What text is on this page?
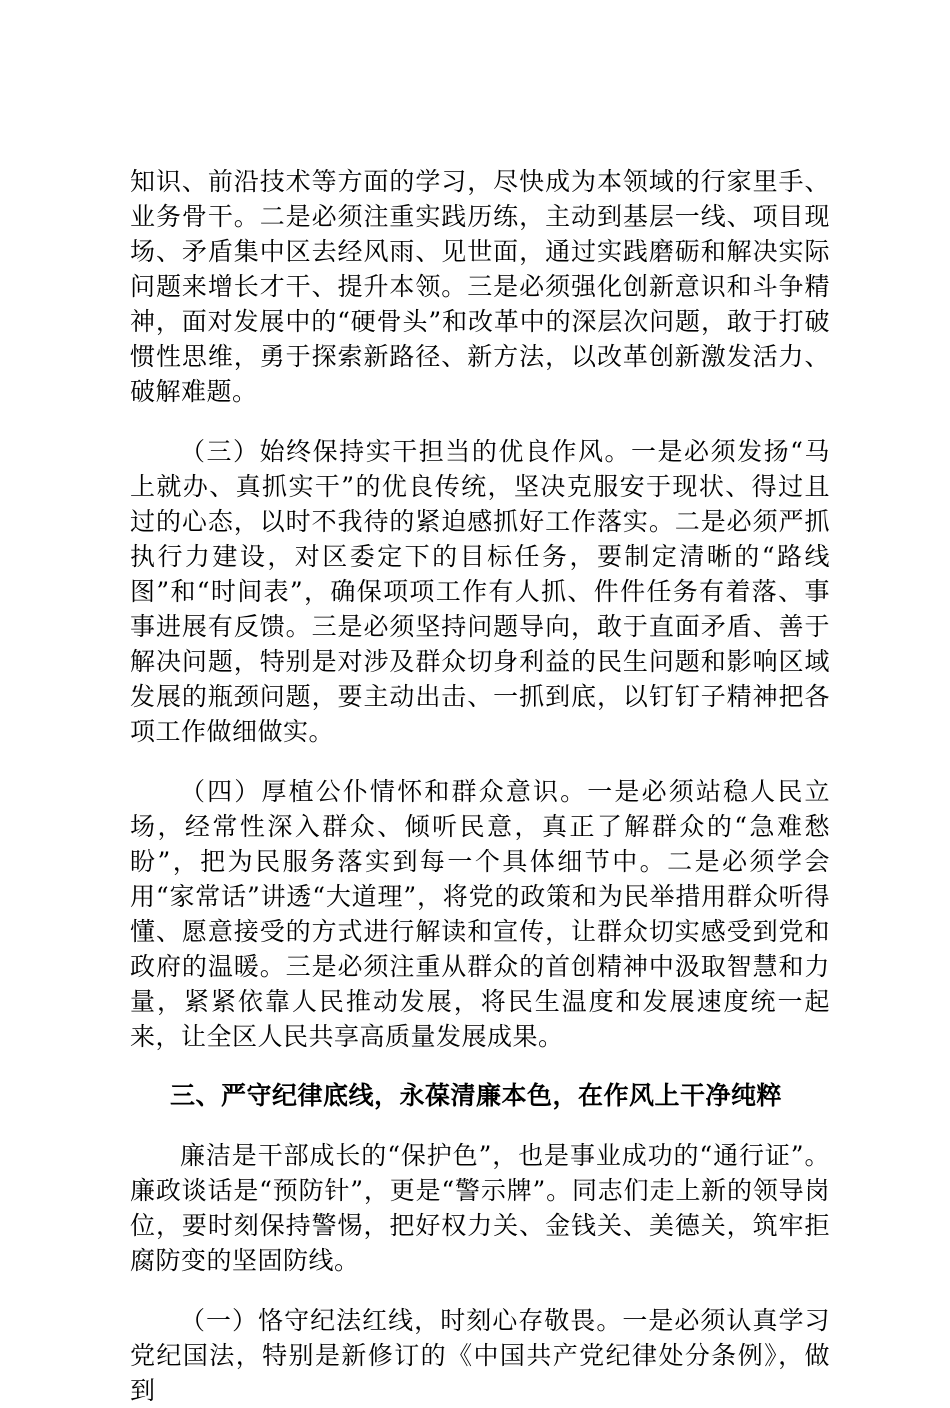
知识、前沿技术等方面的学习，尽快成为本领域的行家里手、业务骨干。二是必须注重实践历练，主动到基层一线、项目现场、矛盾集中区去经风雨、见世面，通过实践磨砺和解决实际问题来增长才干、提升本领。三是必须强化创新意识和斗争精神，面对发展中的“硬骨头”和改革中的深层次问题，敢于打破惯性思维，勇于探索新路径、新方法，以改革创新激发活力、破解难题。

（三）始终保持实干担当的优良作风。一是必须发扬“马上就办、真抓实干”的优良传统，坚决克服安于现状、得过且过的心态，以时不我待的紧迫感抓好工作落实。二是必须严抓执行力建设，对区委定下的目标任务，要制定清晰的“路线图”和“时间表”，确保项项工作有人抓、件件任务有着落、事事进展有反馈。三是必须坚持问题导向，敢于直面矛盾、善于解决问题，特别是对涉及群众切身利益的民生问题和影响区域发展的瓶颈问题，要主动出击、一抓到底，以钉钉子精神把各项工作做细做实。

（四）厚植公仆情怀和群众意识。一是必须站稳人民立场，经常性深入群众、倾听民意，真正了解群众的“急难愁盼”，把为民服务落实到每一个具体细节中。二是必须学会用“家常话”讲透“大道理”，将党的政策和为民举措用群众听得懂、愿意接受的方式进行解读和宣传，让群众切实感受到党和政府的温暖。三是必须注重从群众的首创精神中汲取智慧和力量，紧紧依靠人民推动发展，将民生温度和发展速度统一起来，让全区人民共享高质量发展成果。

三、严守纪律底线，永葆清廉本色，在作风上干净纯粹

廉洁是干部成长的“保护色”，也是事业成功的“通行证”。廉政谈话是“预防针”，更是“警示牌”。同志们走上新的领导岗位，要时刻保持警惕，把好权力关、金钱关、美德关，筑牢拒腐防变的坚固防线。

（一）恪守纪法红线，时刻心存敬畏。一是必须认真学习党纪国法，特别是新修订的《中国共产党纪律处分条例》，做到
